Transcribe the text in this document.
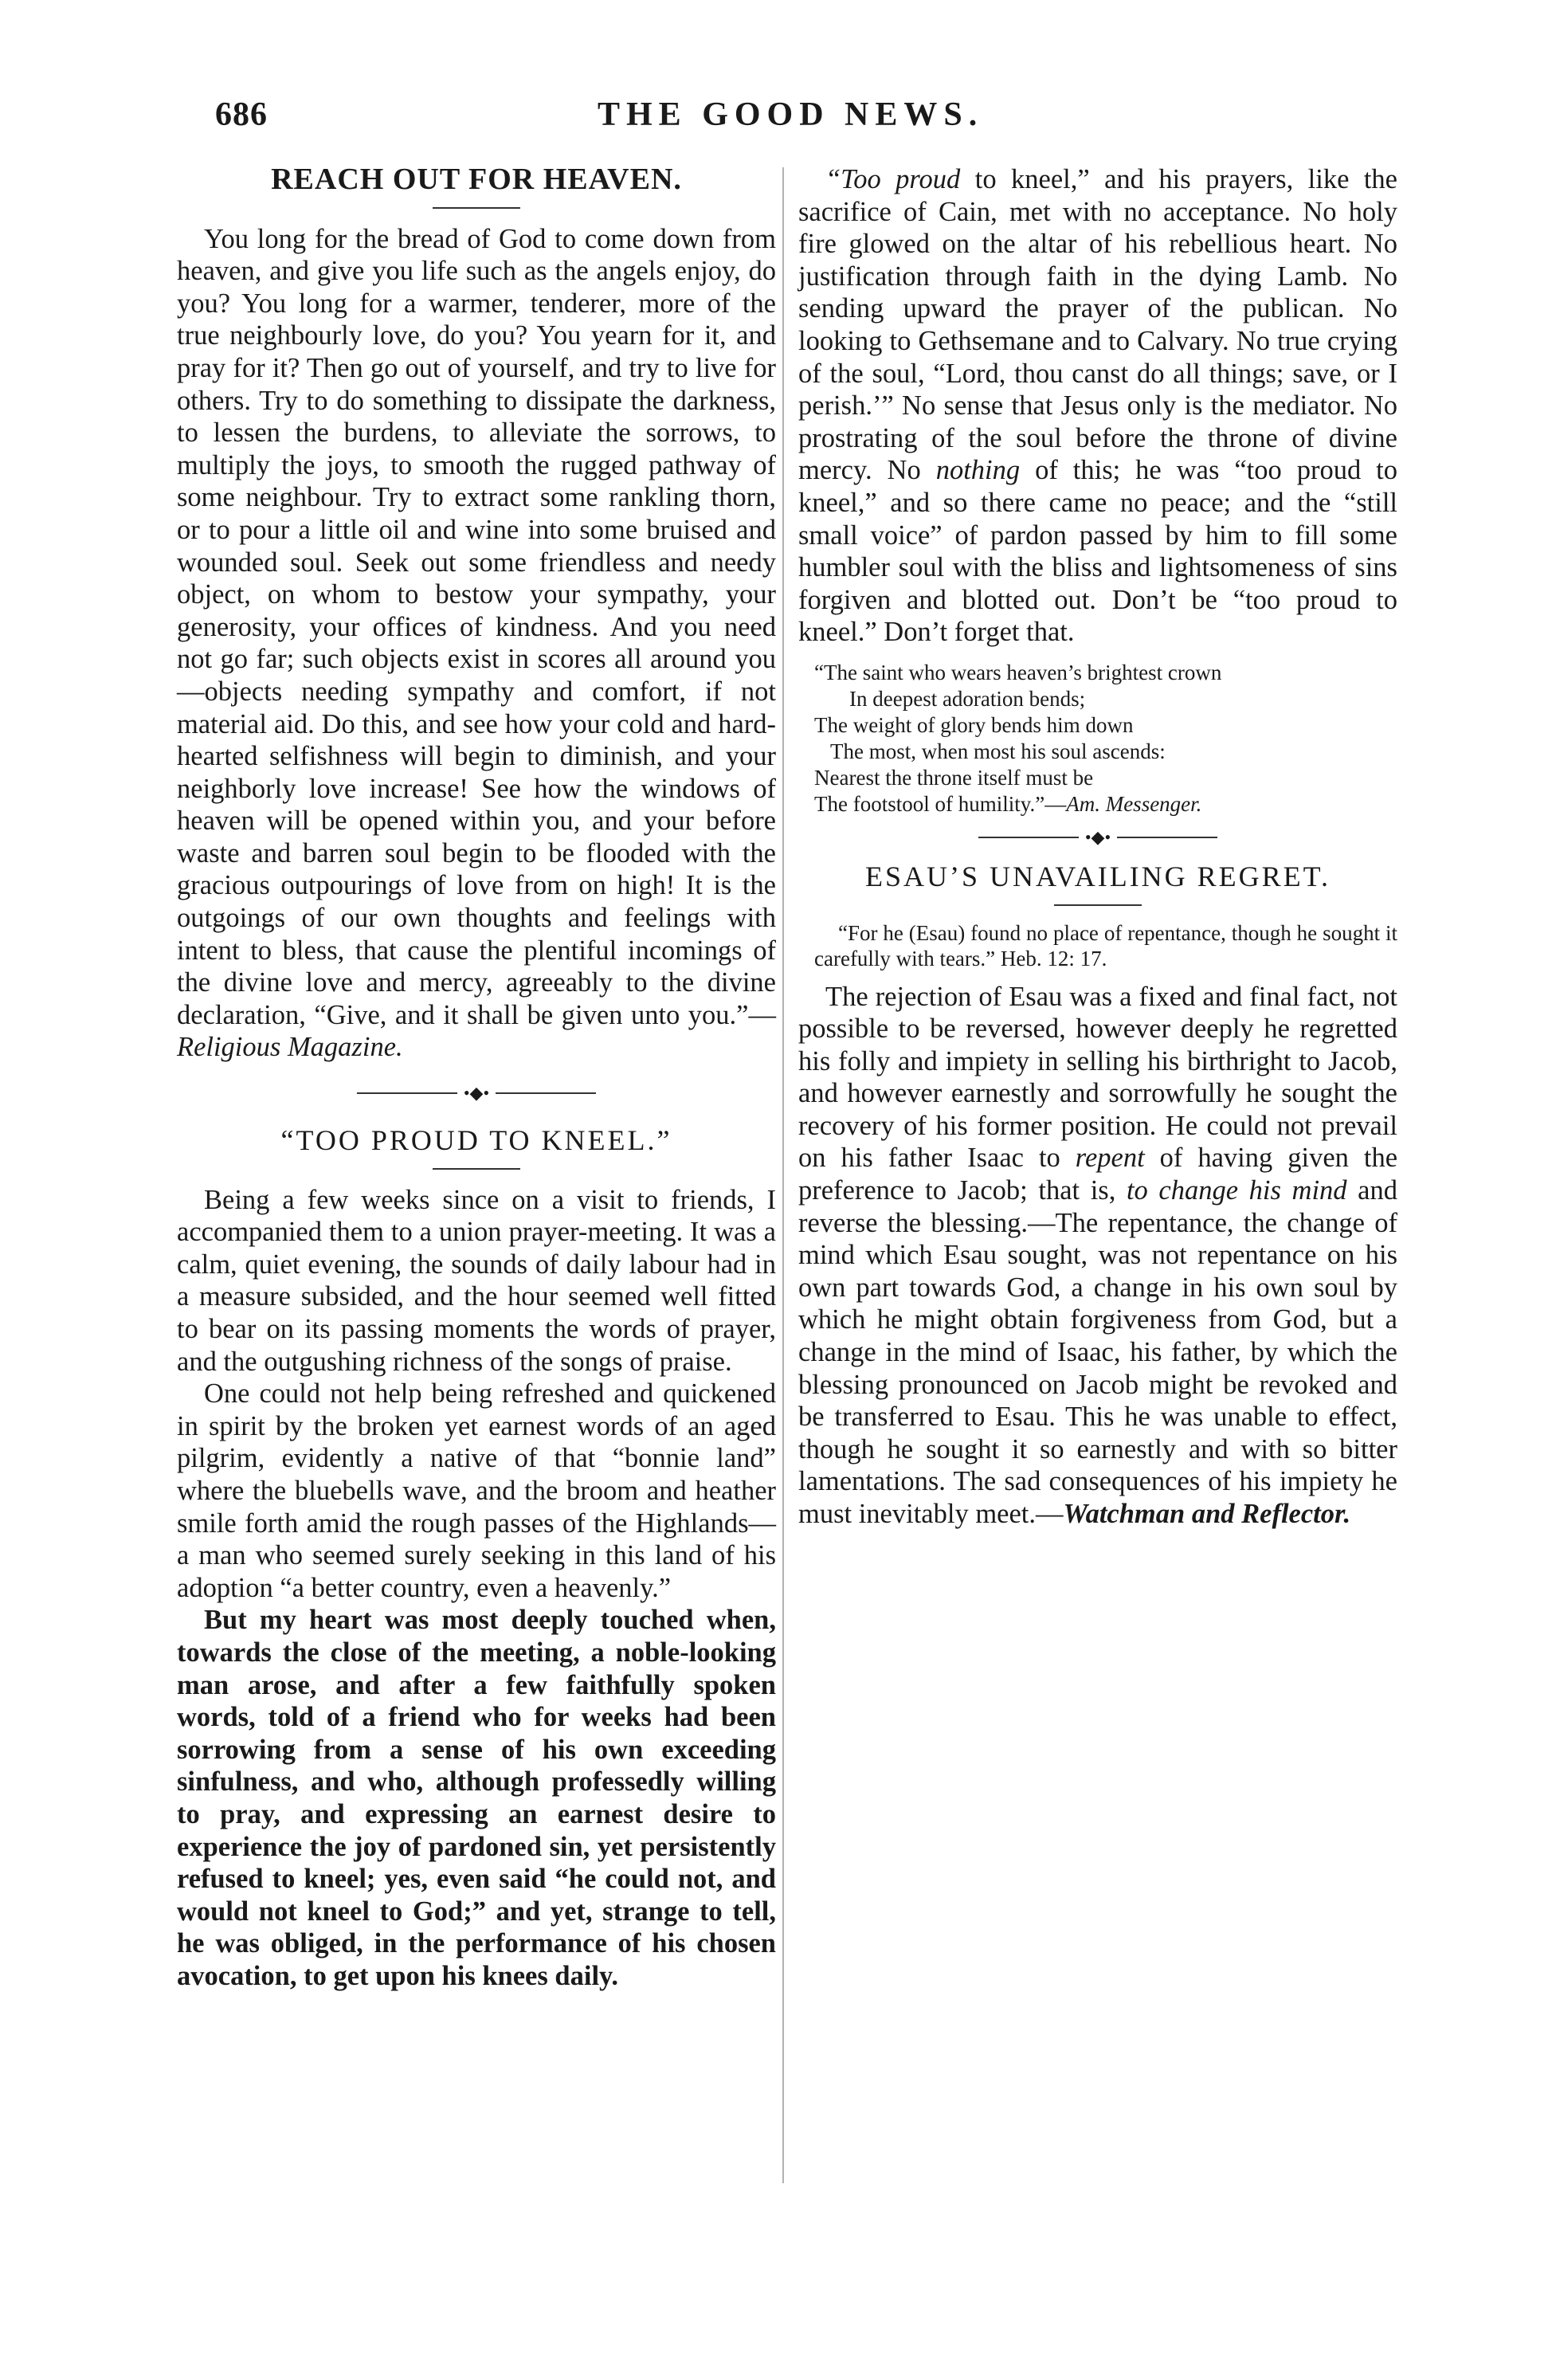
686	THE GOOD NEWS.
REACH OUT FOR HEAVEN.

You long for the bread of God to come down from heaven, and give you life such as the angels enjoy, do you? You long for a warmer, tenderer, more of the true neighbourly love, do you? You yearn for it, and pray for it? Then go out of yourself, and try to live for others. Try to do something to dissipate the darkness, to lessen the burdens, to alleviate the sorrows, to multiply the joys, to smooth the rugged pathway of some neighbour. Try to extract some rankling thorn, or to pour a little oil and wine into some bruised and wounded soul. Seek out some friendless and needy object, on whom to bestow your sympathy, your generosity, your offices of kindness. And you need not go far; such objects exist in scores all around you—objects needing sympathy and comfort, if not material aid. Do this, and see how your cold and hard-hearted selfishness will begin to diminish, and your neighborly love increase! See how the windows of heaven will be opened within you, and your before waste and barren soul begin to be flooded with the gracious outpourings of love from on high! It is the outgoings of our own thoughts and feelings with intent to bless, that cause the plentiful incomings of the divine love and mercy, agreeably to the divine declaration, “Give, and it shall be given unto you.”—Religious Magazine.

•◆•
“TOO PROUD TO KNEEL.”

Being a few weeks since on a visit to friends, I accompanied them to a union prayer-meeting. It was a calm, quiet evening, the sounds of daily labour had in a measure subsided, and the hour seemed well fitted to bear on its passing moments the words of prayer, and the outgushing richness of the songs of praise.

One could not help being refreshed and quickened in spirit by the broken yet earnest words of an aged pilgrim, evidently a native of that “bonnie land” where the bluebells wave, and the broom and heather smile forth amid the rough passes of the Highlands—a man who seemed surely seeking in this land of his adoption “a better country, even a heavenly.”

But my heart was most deeply touched when, towards the close of the meeting, a noble-looking man arose, and after a few faithfully spoken words, told of a friend who for weeks had been sorrowing from a sense of his own exceeding sinfulness, and who, although professedly willing to pray, and expressing an earnest desire to experience the joy of pardoned sin, yet persistently refused to kneel; yes, even said “he could not, and would not kneel to God;” and yet, strange to tell, he was obliged, in the performance of his chosen avocation, to get upon his knees daily.

“Too proud to kneel,” and his prayers, like the sacrifice of Cain, met with no acceptance. No holy fire glowed on the altar of his rebellious heart. No justification through faith in the dying Lamb. No sending upward the prayer of the publican. No looking to Gethsemane and to Calvary. No true crying of the soul, “Lord, thou canst do all things; save, or I perish.’” No sense that Jesus only is the mediator. No prostrating of the soul before the throne of divine mercy. No nothing of this; he was “too proud to kneel,” and so there came no peace; and the “still small voice” of pardon passed by him to fill some humbler soul with the bliss and lightsomeness of sins forgiven and blotted out. Don’t be “too proud to kneel.” Don’t forget that.

“The saint who wears heaven’s brightest crown
In deepest adoration bends;
The weight of glory bends him down
The most, when most his soul ascends:
Nearest the throne itself must be
The footstool of humility.”—Am. Messenger.
•◆•
ESAU’S UNAVAILING REGRET.
“For he (Esau) found no place of repentance, though he sought it carefully with tears.” Heb. 12: 17.

The rejection of Esau was a fixed and final fact, not possible to be reversed, however deeply he regretted his folly and impiety in selling his birthright to Jacob, and however earnestly and sorrowfully he sought the recovery of his former position. He could not prevail on his father Isaac to repent of having given the preference to Jacob; that is, to change his mind and reverse the blessing.—The repentance, the change of mind which Esau sought, was not repentance on his own part towards God, a change in his own soul by which he might obtain forgiveness from God, but a change in the mind of Isaac, his father, by which the blessing pronounced on Jacob might be revoked and be transferred to Esau. This he was unable to effect, though he sought it so earnestly and with so bitter lamentations. The sad consequences of his impiety he must inevitably meet.—Watchman and Reflector.
